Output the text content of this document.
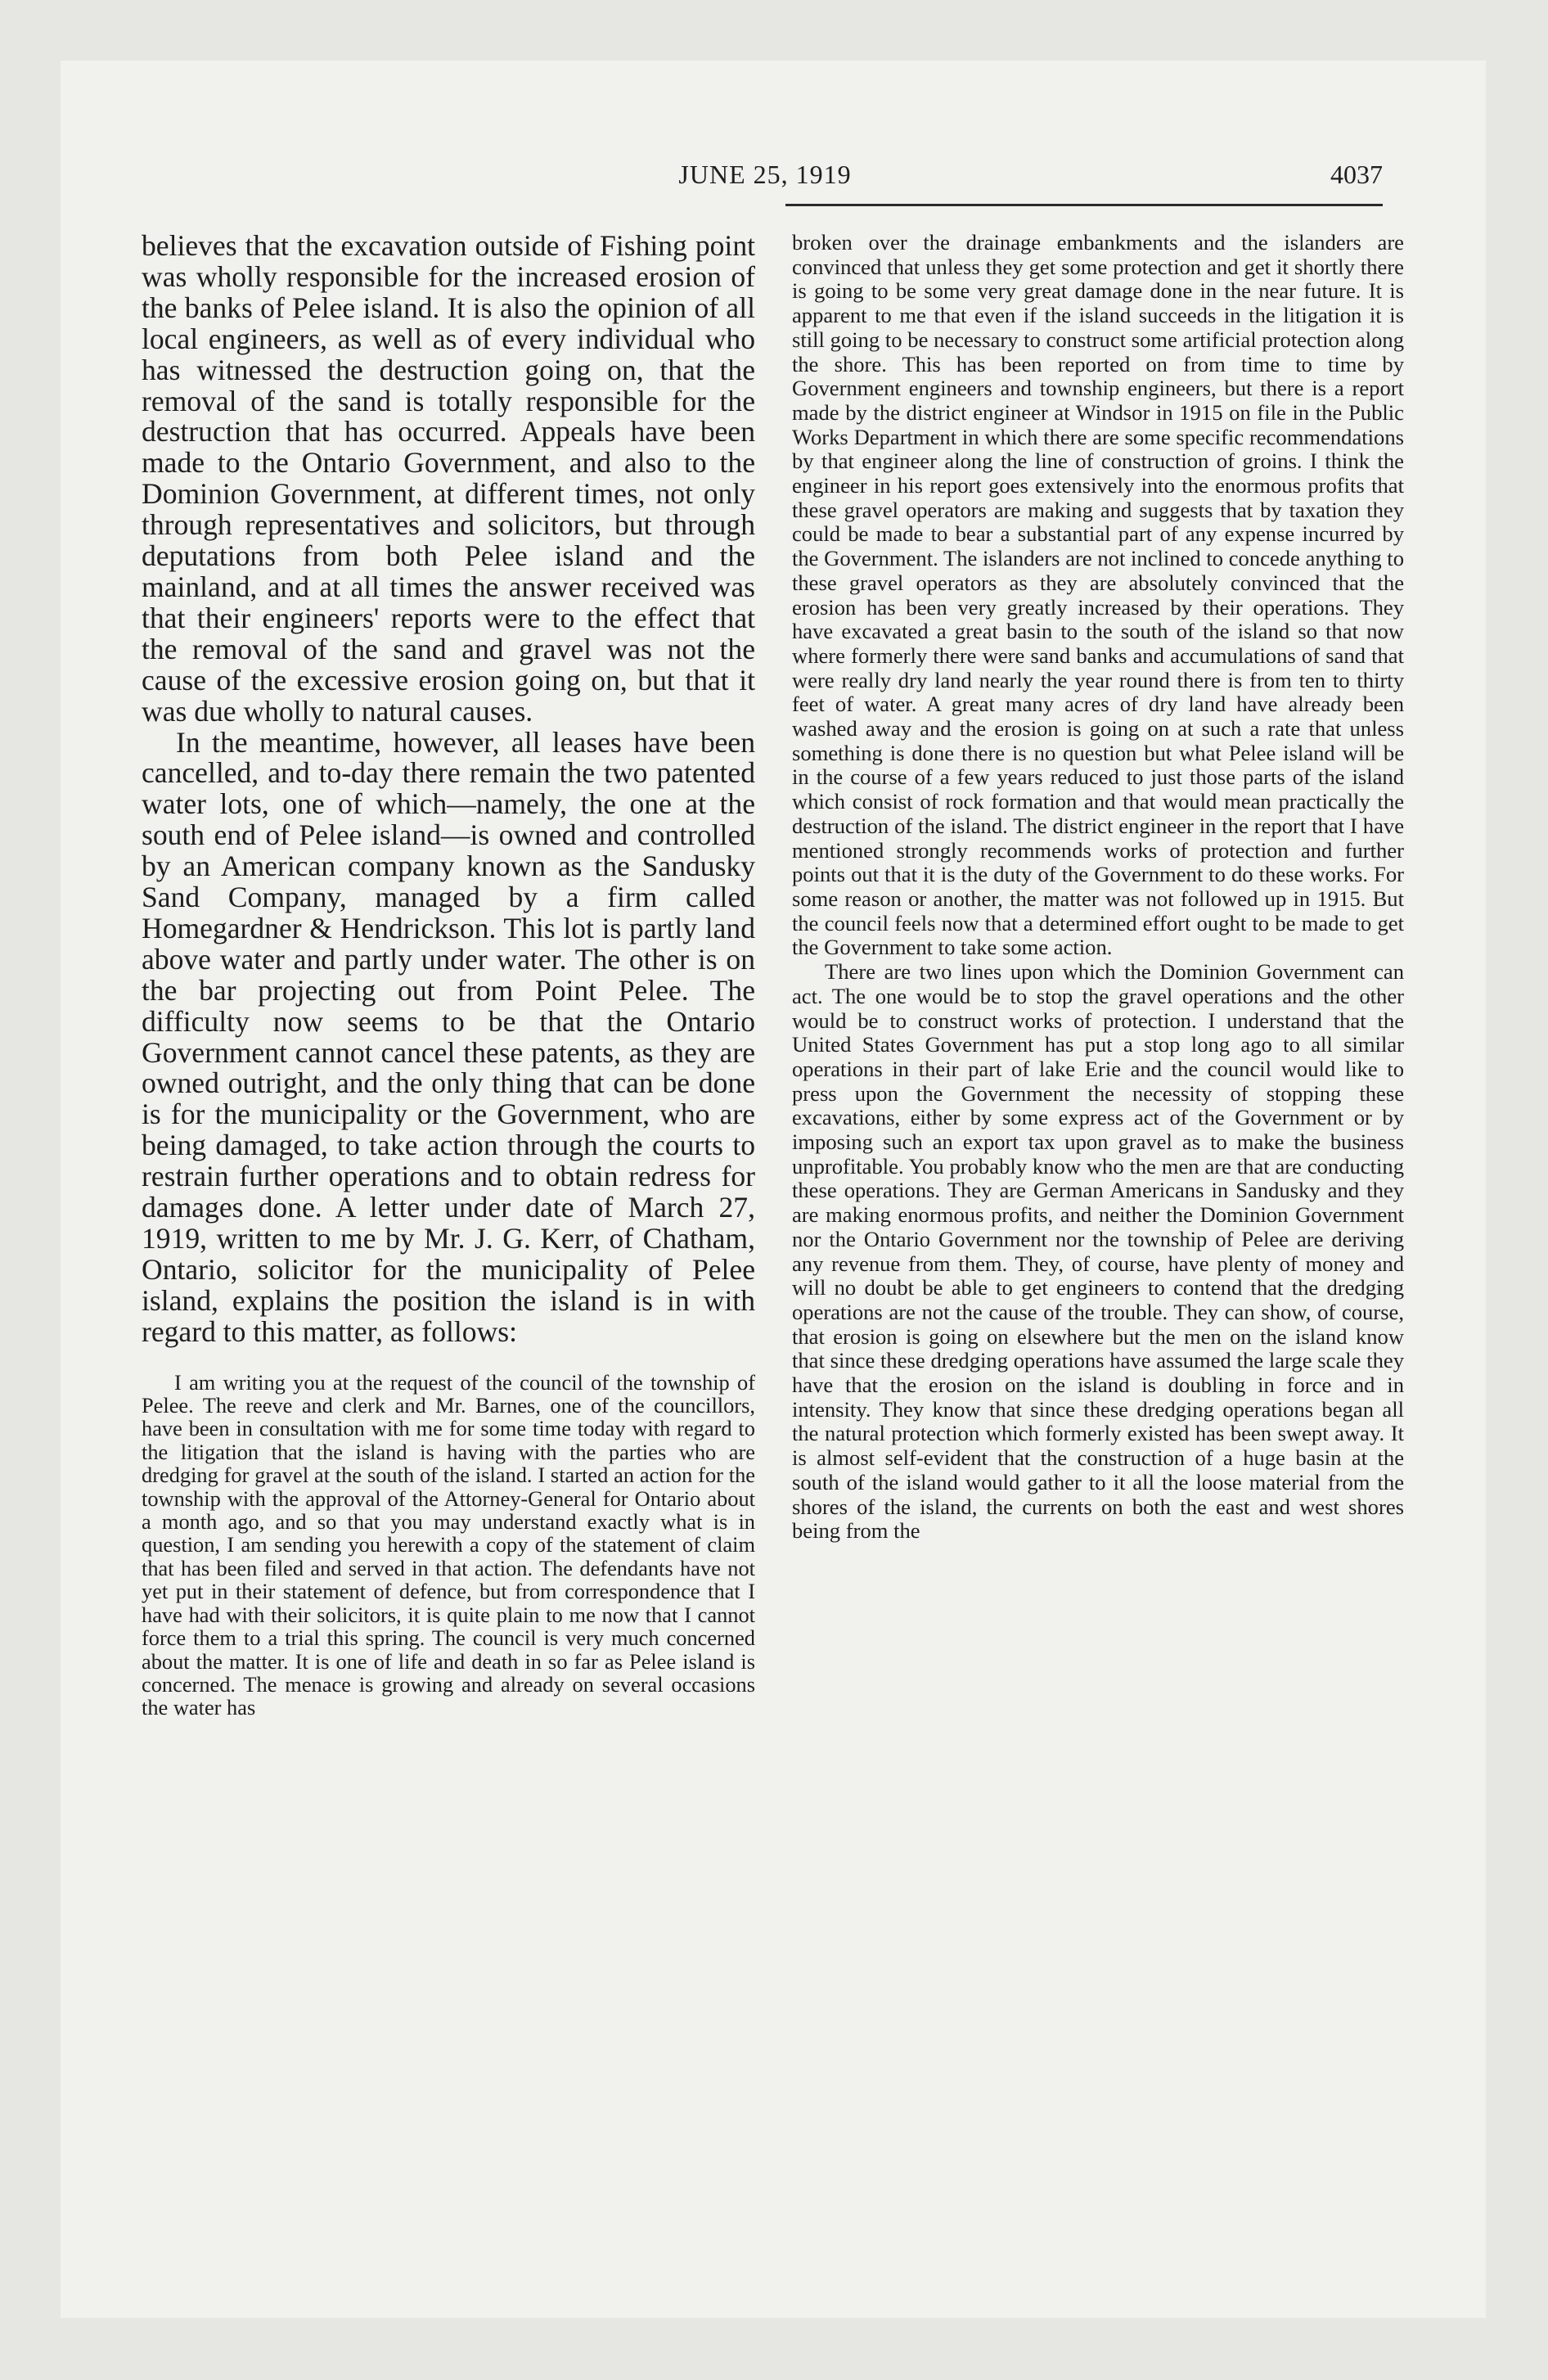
JUNE 25, 1919	4037

believes that the excavation outside of Fishing point was wholly responsible for the increased erosion of the banks of Pelee island. It is also the opinion of all local engineers, as well as of every individual who has witnessed the destruction going on, that the removal of the sand is totally responsible for the destruction that has occurred. Appeals have been made to the Ontario Government, and also to the Dominion Government, at different times, not only through representatives and solicitors, but through deputations from both Pelee island and the mainland, and at all times the answer received was that their engineers' reports were to the effect that the removal of the sand and gravel was not the cause of the excessive erosion going on, but that it was due wholly to natural causes.

In the meantime, however, all leases have been cancelled, and to-day there remain the two patented water lots, one of which—namely, the one at the south end of Pelee island—is owned and controlled by an American company known as the Sandusky Sand Company, managed by a firm called Homegardner & Hendrickson. This lot is partly land above water and partly under water. The other is on the bar projecting out from Point Pelee. The difficulty now seems to be that the Ontario Government cannot cancel these patents, as they are owned outright, and the only thing that can be done is for the municipality or the Government, who are being damaged, to take action through the courts to restrain further operations and to obtain redress for damages done. A letter under date of March 27, 1919, written to me by Mr. J. G. Kerr, of Chatham, Ontario, solicitor for the municipality of Pelee island, explains the position the island is in with regard to this matter, as follows:

I am writing you at the request of the council of the township of Pelee. The reeve and clerk and Mr. Barnes, one of the councillors, have been in consultation with me for some time today with regard to the litigation that the island is having with the parties who are dredging for gravel at the south of the island. I started an action for the township with the approval of the Attorney-General for Ontario about a month ago, and so that you may understand exactly what is in question, I am sending you herewith a copy of the statement of claim that has been filed and served in that action. The defendants have not yet put in their statement of defence, but from correspondence that I have had with their solicitors, it is quite plain to me now that I cannot force them to a trial this spring. The council is very much concerned about the matter. It is one of life and death in so far as Pelee island is concerned. The menace is growing and already on several occasions the water has

broken over the drainage embankments and the islanders are convinced that unless they get some protection and get it shortly there is going to be some very great damage done in the near future. It is apparent to me that even if the island succeeds in the litigation it is still going to be necessary to construct some artificial protection along the shore. This has been reported on from time to time by Government engineers and township engineers, but there is a report made by the district engineer at Windsor in 1915 on file in the Public Works Department in which there are some specific recommendations by that engineer along the line of construction of groins. I think the engineer in his report goes extensively into the enormous profits that these gravel operators are making and suggests that by taxation they could be made to bear a substantial part of any expense incurred by the Government. The islanders are not inclined to concede anything to these gravel operators as they are absolutely convinced that the erosion has been very greatly increased by their operations. They have excavated a great basin to the south of the island so that now where formerly there were sand banks and accumulations of sand that were really dry land nearly the year round there is from ten to thirty feet of water. A great many acres of dry land have already been washed away and the erosion is going on at such a rate that unless something is done there is no question but what Pelee island will be in the course of a few years reduced to just those parts of the island which consist of rock formation and that would mean practically the destruction of the island. The district engineer in the report that I have mentioned strongly recommends works of protection and further points out that it is the duty of the Government to do these works. For some reason or another, the matter was not followed up in 1915. But the council feels now that a determined effort ought to be made to get the Government to take some action.

There are two lines upon which the Dominion Government can act. The one would be to stop the gravel operations and the other would be to construct works of protection. I understand that the United States Government has put a stop long ago to all similar operations in their part of lake Erie and the council would like to press upon the Government the necessity of stopping these excavations, either by some express act of the Government or by imposing such an export tax upon gravel as to make the business unprofitable. You probably know who the men are that are conducting these operations. They are German Americans in Sandusky and they are making enormous profits, and neither the Dominion Government nor the Ontario Government nor the township of Pelee are deriving any revenue from them. They, of course, have plenty of money and will no doubt be able to get engineers to contend that the dredging operations are not the cause of the trouble. They can show, of course, that erosion is going on elsewhere but the men on the island know that since these dredging operations have assumed the large scale they have that the erosion on the island is doubling in force and in intensity. They know that since these dredging operations began all the natural protection which formerly existed has been swept away. It is almost self-evident that the construction of a huge basin at the south of the island would gather to it all the loose material from the shores of the island, the currents on both the east and west shores being from the
